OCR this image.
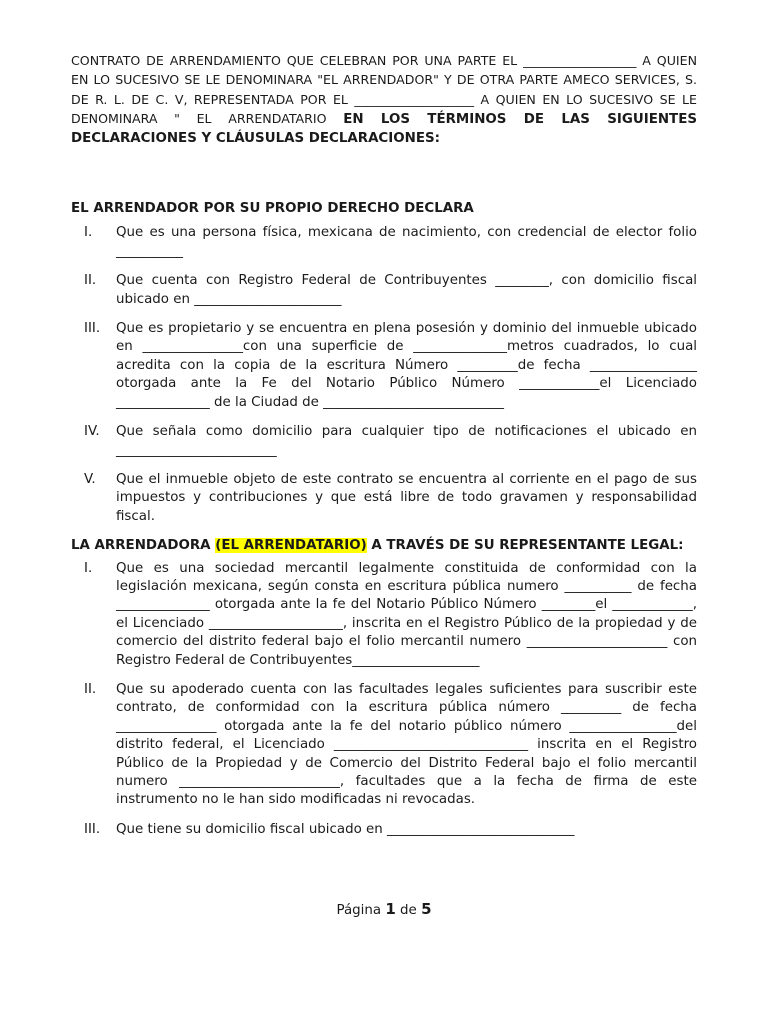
CONTRATO DE ARRENDAMIENTO QUE CELEBRAN POR UNA PARTE EL __________________ A QUIEN EN LO SUCESIVO SE LE DENOMINARA "EL ARRENDADOR" Y DE OTRA PARTE AMECO SERVICES, S. DE R. L. DE C. V, REPRESENTADA POR EL ___________________ A QUIEN EN LO SUCESIVO SE LE DENOMINARA " EL ARRENDATARIO EN LOS TÉRMINOS DE LAS SIGUIENTES DECLARACIONES Y CLÁUSULAS DECLARACIONES:

EL ARRENDADOR POR SU PROPIO DERECHO DECLARA

I.	Que es una persona física, mexicana de nacimiento, con credencial de elector folio __________
II.	Que cuenta con Registro Federal de Contribuyentes ________, con domicilio fiscal ubicado en ______________________
III.	Que es propietario y se encuentra en plena posesión y dominio del inmueble ubicado en _______________con una superficie de ______________metros cuadrados, lo cual acredita con la copia de la escritura Número _________de fecha ________________ otorgada ante la Fe del Notario Público Número ____________el Licenciado ______________ de la Ciudad de ___________________________
IV.	Que señala como domicilio para cualquier tipo de notificaciones el ubicado en ________________________
V.	Que el inmueble objeto de este contrato se encuentra al corriente en el pago de sus impuestos y contribuciones y que está libre de todo gravamen y responsabilidad fiscal.

LA ARRENDADORA (EL ARRENDATARIO) A TRAVÉS DE SU REPRESENTANTE LEGAL:

I.	Que es una sociedad mercantil legalmente constituida de conformidad con la legislación mexicana, según consta en escritura pública numero __________ de fecha ______________ otorgada ante la fe del Notario Público Número ________el ____________, el Licenciado ____________________, inscrita en el Registro Público de la propiedad y de comercio del distrito federal bajo el folio mercantil numero _____________________ con Registro Federal de Contribuyentes___________________
II.	Que su apoderado cuenta con las facultades legales suficientes para suscribir este contrato, de conformidad con la escritura pública número _________ de fecha _______________ otorgada ante la fe del notario público número ________________del distrito federal, el Licenciado _____________________________ inscrita en el Registro Público de la Propiedad y de Comercio del Distrito Federal bajo el folio mercantil numero ________________________, facultades que a la fecha de firma de este instrumento no le han sido modificadas ni revocadas.
III.	Que tiene su domicilio fiscal ubicado en ____________________________
Página 1 de 5
